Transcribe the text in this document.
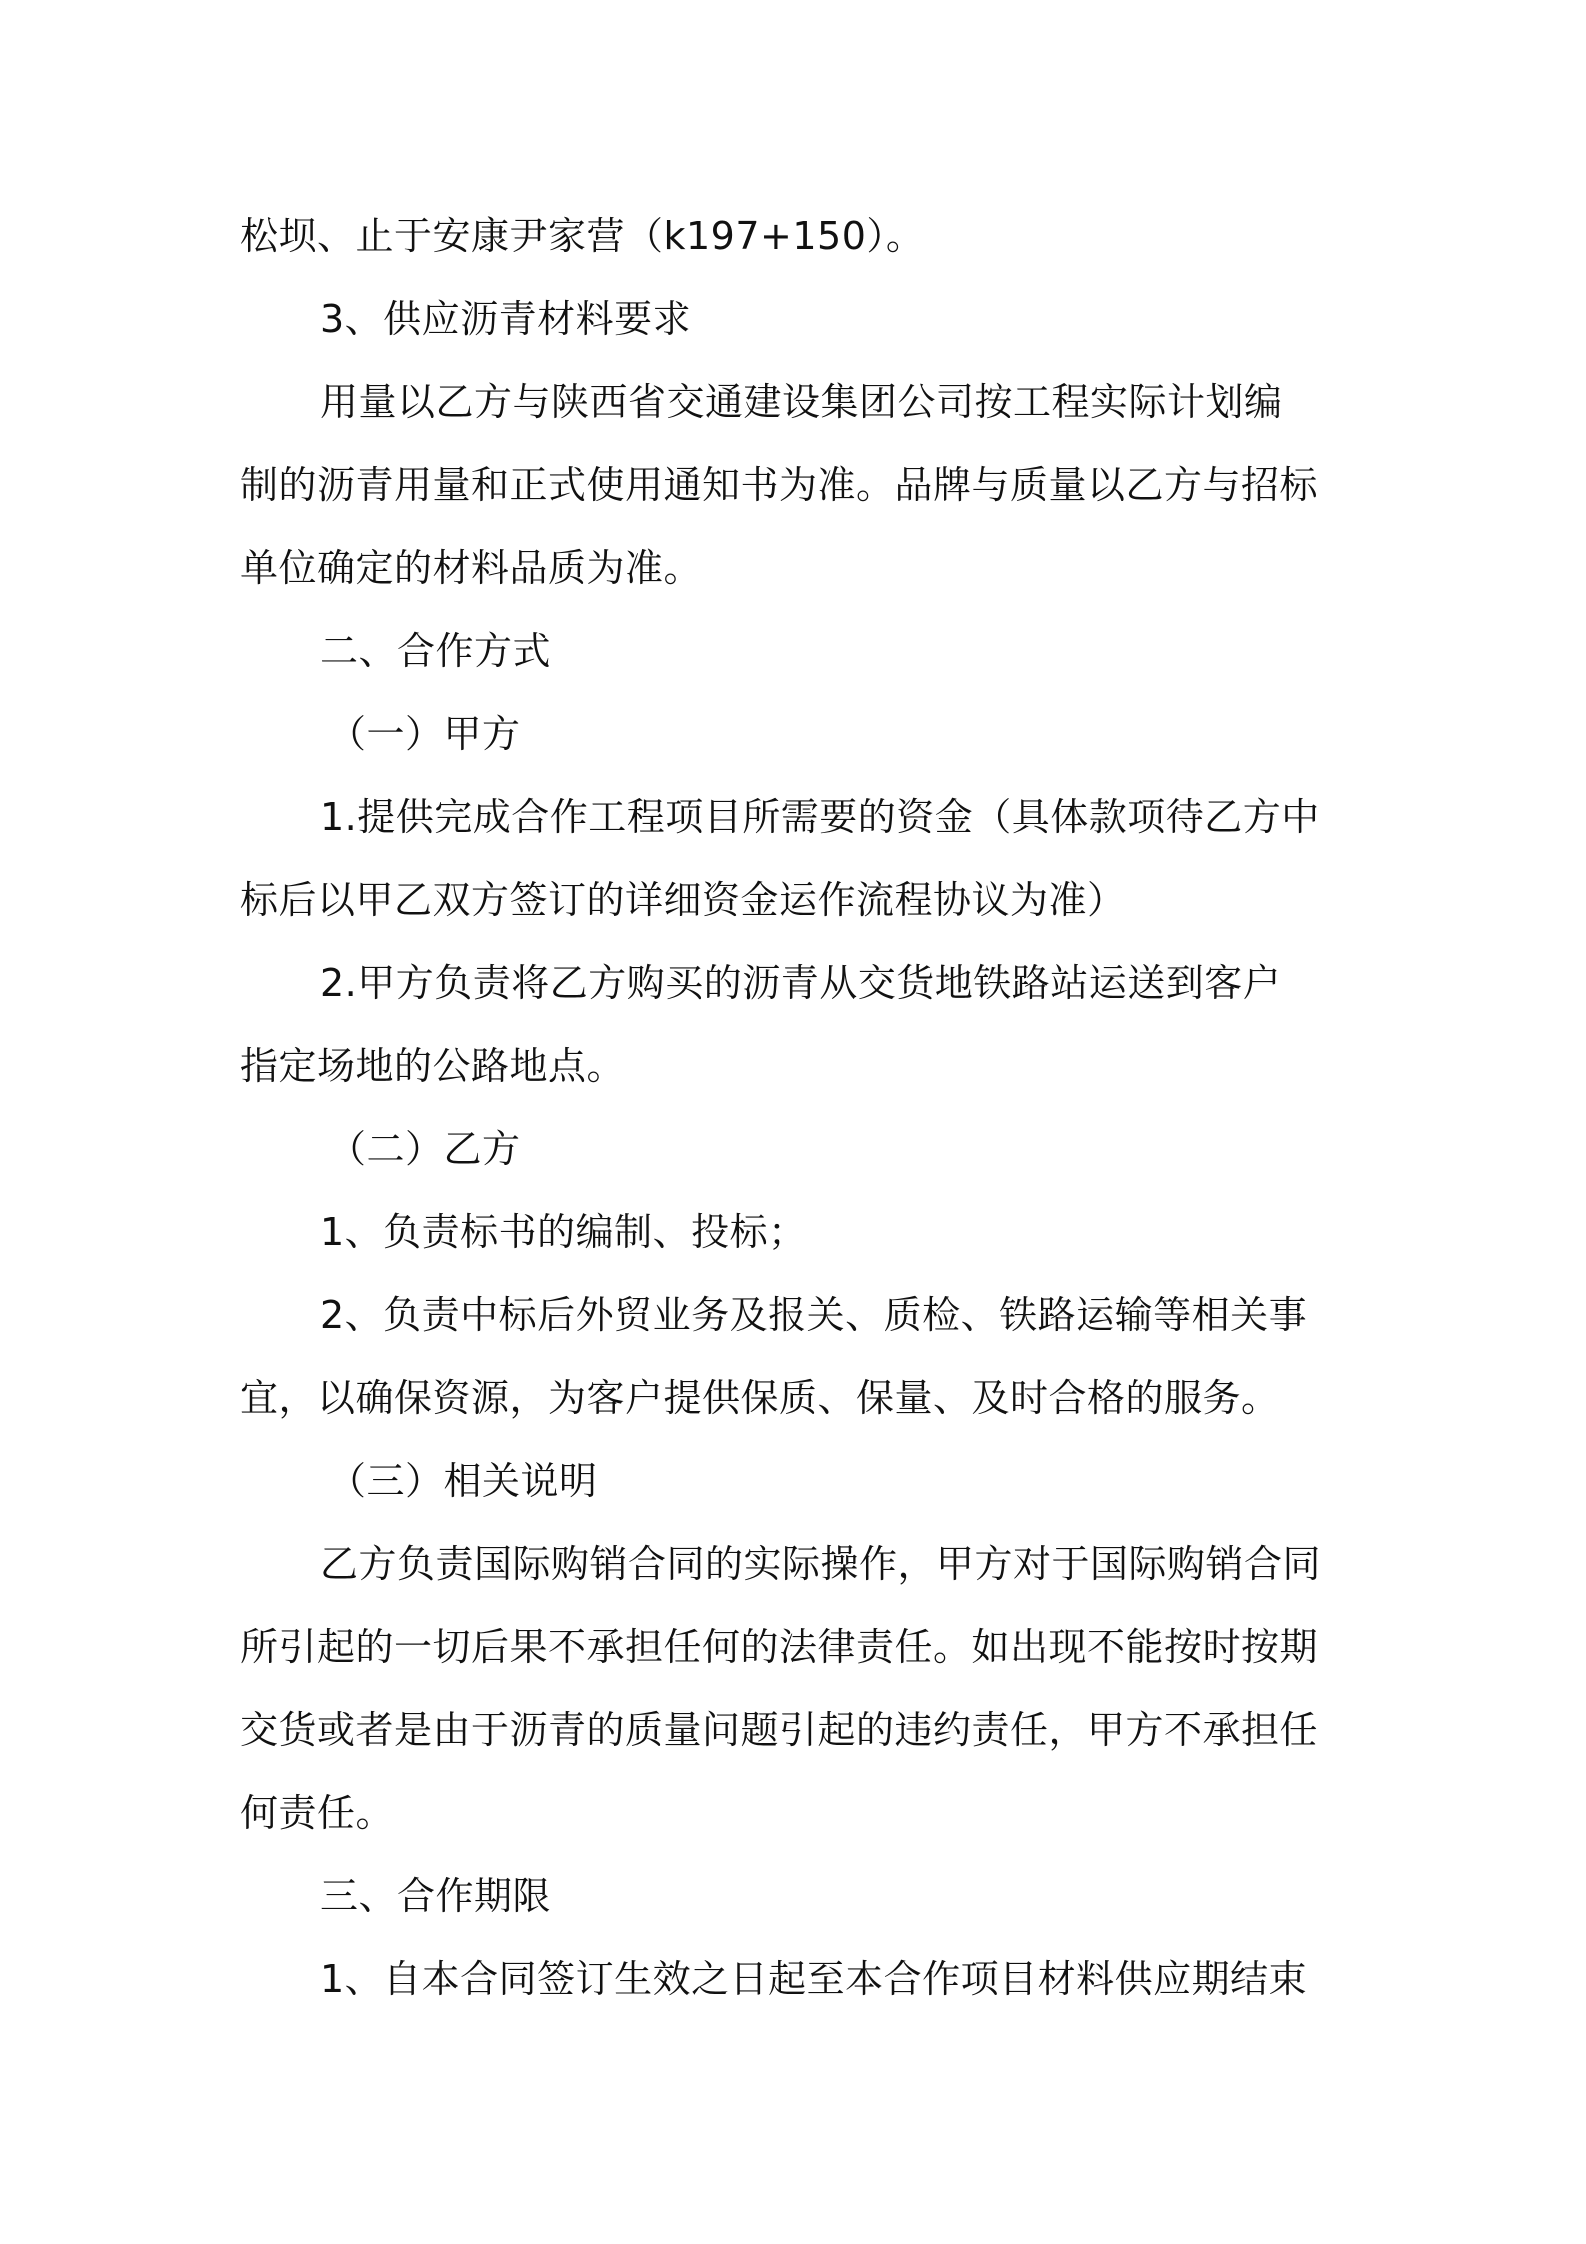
松坝、止于安康尹家营（k197+150）。
3、供应沥青材料要求
用量以乙方与陕西省交通建设集团公司按工程实际计划编
制的沥青用量和正式使用通知书为准。品牌与质量以乙方与招标
单位确定的材料品质为准。
二、合作方式
（一）甲方
1.提供完成合作工程项目所需要的资金（具体款项待乙方中
标后以甲乙双方签订的详细资金运作流程协议为准）
2.甲方负责将乙方购买的沥青从交货地铁路站运送到客户
指定场地的公路地点。
（二）乙方
1、负责标书的编制、投标；
2、负责中标后外贸业务及报关、质检、铁路运输等相关事
宜，以确保资源，为客户提供保质、保量、及时合格的服务。
（三）相关说明
乙方负责国际购销合同的实际操作，甲方对于国际购销合同
所引起的一切后果不承担任何的法律责任。如出现不能按时按期
交货或者是由于沥青的质量问题引起的违约责任，甲方不承担任
何责任。
三、合作期限
1、自本合同签订生效之日起至本合作项目材料供应期结束
